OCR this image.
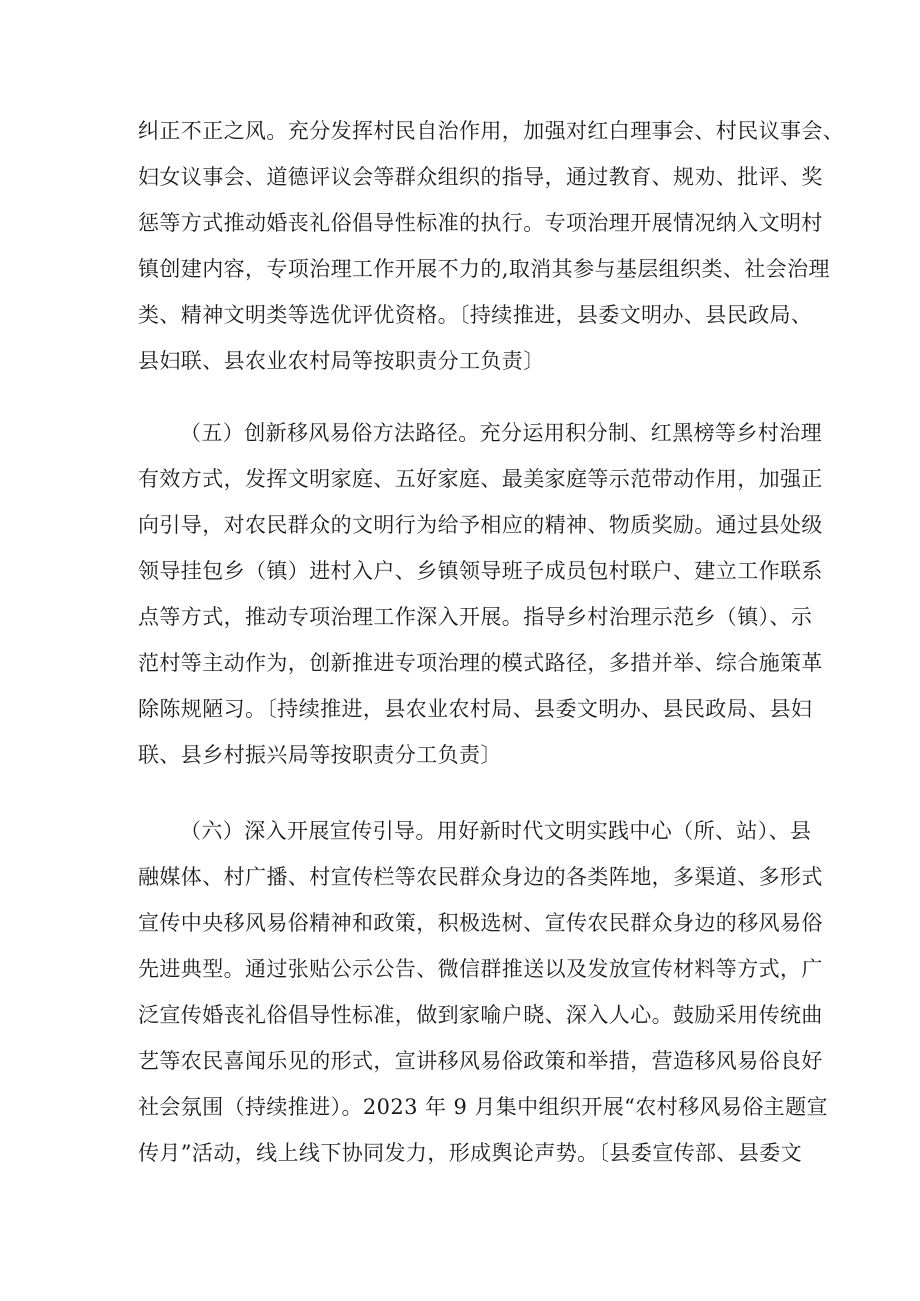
纠正不正之风。充分发挥村民自治作用，加强对红白理事会、村民议事会、
妇女议事会、道德评议会等群众组织的指导，通过教育、规劝、批评、奖
惩等方式推动婚丧礼俗倡导性标准的执行。专项治理开展情况纳入文明村
镇创建内容，专项治理工作开展不力的,取消其参与基层组织类、社会治理
类、精神文明类等选优评优资格。〔持续推进，县委文明办、县民政局、
县妇联、县农业农村局等按职责分工负责〕

（五）创新移风易俗方法路径。充分运用积分制、红黑榜等乡村治理
有效方式，发挥文明家庭、五好家庭、最美家庭等示范带动作用，加强正
向引导，对农民群众的文明行为给予相应的精神、物质奖励。通过县处级
领导挂包乡（镇）进村入户、乡镇领导班子成员包村联户、建立工作联系
点等方式，推动专项治理工作深入开展。指导乡村治理示范乡（镇）、示
范村等主动作为，创新推进专项治理的模式路径，多措并举、综合施策革
除陈规陋习。〔持续推进，县农业农村局、县委文明办、县民政局、县妇
联、县乡村振兴局等按职责分工负责〕

（六）深入开展宣传引导。用好新时代文明实践中心（所、站）、县
融媒体、村广播、村宣传栏等农民群众身边的各类阵地，多渠道、多形式
宣传中央移风易俗精神和政策，积极选树、宣传农民群众身边的移风易俗
先进典型。通过张贴公示公告、微信群推送以及发放宣传材料等方式，广
泛宣传婚丧礼俗倡导性标准，做到家喻户晓、深入人心。鼓励采用传统曲
艺等农民喜闻乐见的形式，宣讲移风易俗政策和举措，营造移风易俗良好
社会氛围（持续推进）。2023 年 9 月集中组织开展“农村移风易俗主题宣
传月”活动，线上线下协同发力，形成舆论声势。〔县委宣传部、县委文
